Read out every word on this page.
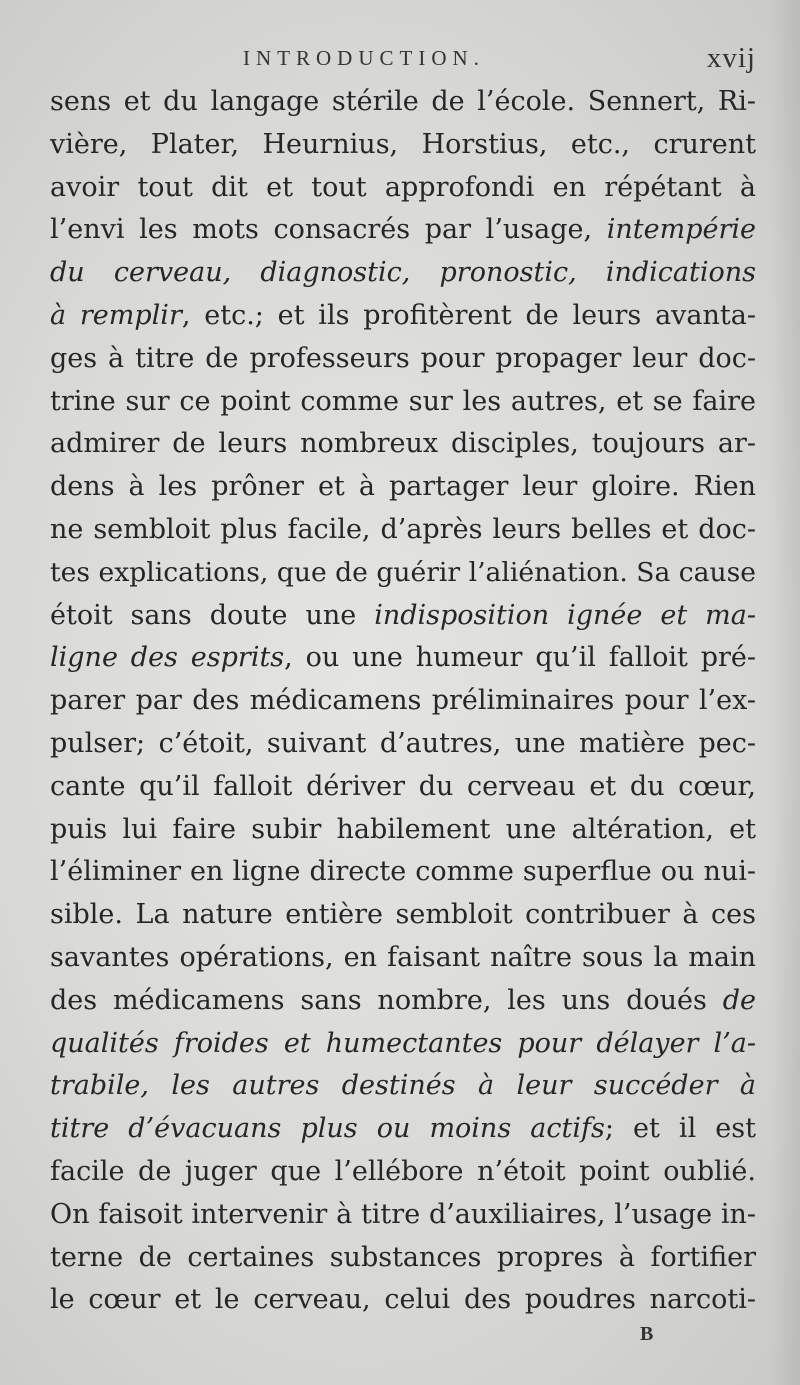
INTRODUCTION.	xvij
sens et du langage stérile de l’école. Sennert, Ri-
vière, Plater, Heurnius, Horstius, etc., crurent
avoir tout dit et tout approfondi en répétant à
l’envi les mots consacrés par l’usage, intempérie
du cerveau, diagnostic, pronostic, indications
à remplir, etc.; et ils profitèrent de leurs avanta-
ges à titre de professeurs pour propager leur doc-
trine sur ce point comme sur les autres, et se faire
admirer de leurs nombreux disciples, toujours ar-
dens à les prôner et à partager leur gloire. Rien
ne sembloit plus facile, d’après leurs belles et doc-
tes explications, que de guérir l’aliénation. Sa cause
étoit sans doute une indisposition ignée et ma-
ligne des esprits, ou une humeur qu’il falloit pré-
parer par des médicamens préliminaires pour l’ex-
pulser; c’étoit, suivant d’autres, une matière pec-
cante qu’il falloit dériver du cerveau et du cœur,
puis lui faire subir habilement une altération, et
l’éliminer en ligne directe comme superflue ou nui-
sible. La nature entière sembloit contribuer à ces
savantes opérations, en faisant naître sous la main
des médicamens sans nombre, les uns doués de
qualités froides et humectantes pour délayer l’a-
trabile, les autres destinés à leur succéder à
titre d’évacuans plus ou moins actifs; et il est
facile de juger que l’ellébore n’étoit point oublié.
On faisoit intervenir à titre d’auxiliaires, l’usage in-
terne de certaines substances propres à fortifier
le cœur et le cerveau, celui des poudres narcoti-
B
